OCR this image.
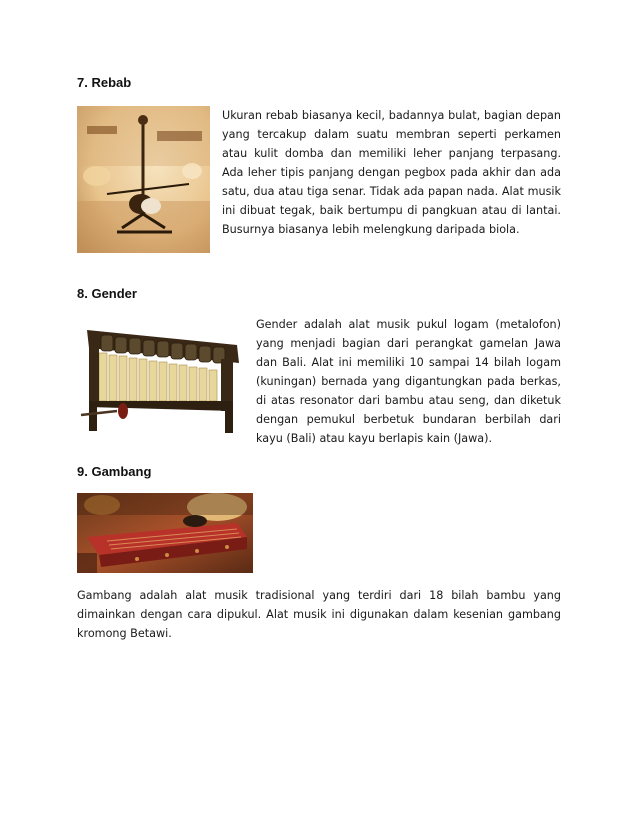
7. Rebab
Ukuran rebab biasanya kecil, badannya bulat, bagian depan yang tercakup dalam suatu membran seperti perkamen atau kulit domba dan memiliki leher panjang terpasang. Ada leher tipis panjang dengan pegbox pada akhir dan ada satu, dua atau tiga senar. Tidak ada papan nada. Alat musik ini dibuat tegak, baik bertumpu di pangkuan atau di lantai. Busurnya biasanya lebih melengkung daripada biola.
8. Gender
Gender adalah alat musik pukul logam (metalofon) yang menjadi bagian dari perangkat gamelan Jawa dan Bali. Alat ini memiliki 10 sampai 14 bilah logam (kuningan) bernada yang digantungkan pada berkas, di atas resonator dari bambu atau seng, dan diketuk dengan pemukul berbetuk bundaran berbilah dari kayu (Bali) atau kayu berlapis kain (Jawa).
9. Gambang
Gambang adalah alat musik tradisional yang terdiri dari 18 bilah bambu yang dimainkan dengan cara dipukul. Alat musik ini digunakan dalam kesenian gambang kromong Betawi.
